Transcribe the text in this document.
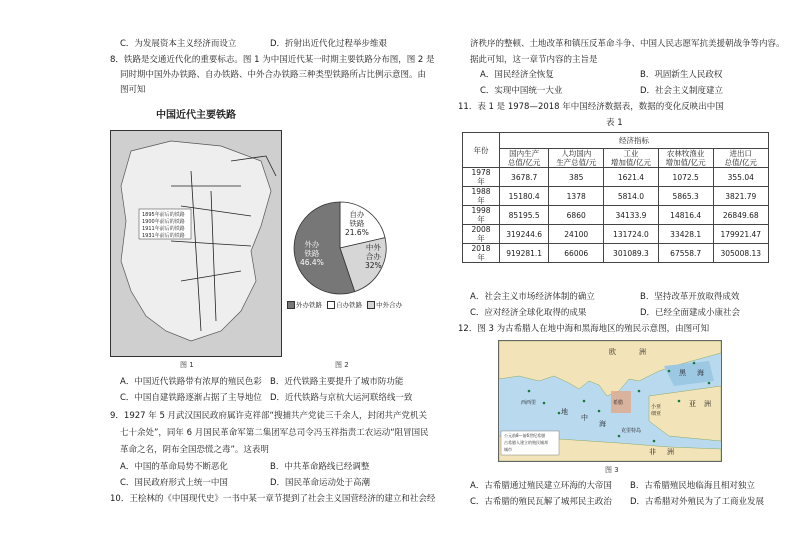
C．为发展资本主义经济而设立	D．折射出近代化过程举步维艰
8．铁路是交通近代化的重要标志。图 1 为中国近代某一时期主要铁路分布图，图 2 是
同时期中国外办铁路、自办铁路、中外合办铁路三种类型铁路所占比例示意图。由
图可知
中国近代主要铁路
1895年前后的铁路
1900年前后的铁路
1911年前后的铁路
1931年前后的铁路
自办
铁路
21.6%
外办
铁路
46.4%
中外
合办
32%
外办铁路 自办铁路 中外合办
图 1	图 2
A．中国近代铁路带有浓厚的殖民色彩 B．近代铁路主要提升了城市防功能
C．中国自建铁路逐渐占据了主导地位 D．近代铁路与京杭大运河联络线一致
9．1927 年 5 月武汉国民政府属许克祥部“搜捕共产党徒三千余人，封闭共产党机关
七十余处”，同年 6 月国民革命军第二集团军总司令冯玉祥指责工农运动“阻冒国民
革命之名，阴布全国恐慌之毒”。这表明
A．中国的革命局势不断恶化	B．中共革命路线已经调整
C．国民政府形式上统一中国	D．国民革命运动处于高潮
10．王桧林的《中国现代史》一书中某一章节提到了社会主义国营经济的建立和社会经
济秩序的整顿、土地改革和镇压反革命斗争、中国人民志愿军抗美援朝战争等内容。
据此可知，这一章节内容的主旨是
A．国民经济全恢复	B．巩固新生人民政权
C．实现中国统一大业	D．社会主义制度建立
11．表 1 是 1978—2018 年中国经济数据表，数据的变化反映出中国
表 1
年份	经济指标				
	国内生产
总值/亿元	人均国内
生产总值/元	工业
增加值/亿元	农林牧渔业
增加值/亿元	进出口
总值/亿元
1978
年	3678.7	385	1621.4	1072.5	355.04
1988
年	15180.4	1378	5814.0	5865.3	3821.79
1998
年	85195.5	6860	34133.9	14816.4	26849.68
2008
年	319244.6	24100	131724.0	33428.1	179921.47
2018
年	919281.1	66006	301089.3	67558.7	305008.13
A．社会主义市场经济体制的确立	B．坚持改革开放取得成效
C．应对经济全球化取得的成果	D．已经全面建成小康社会
12．图 3 为古希腊人在地中海和黑海地区的殖民示意图，由图可知
欧	洲
黑 海
西西里
地
中
海
亚 洲
希腊
小亚
细亚
克里特岛
非 洲
公元前8—前6世纪希腊
古希腊人建立的殖民城邦
城市
图 3
A．古希腊通过殖民建立环海的大帝国 B．古希腊殖民地临海且相对独立
C．古希腊的殖民瓦解了城邦民主政治 D．古希腊对外殖民为了工商业发展
